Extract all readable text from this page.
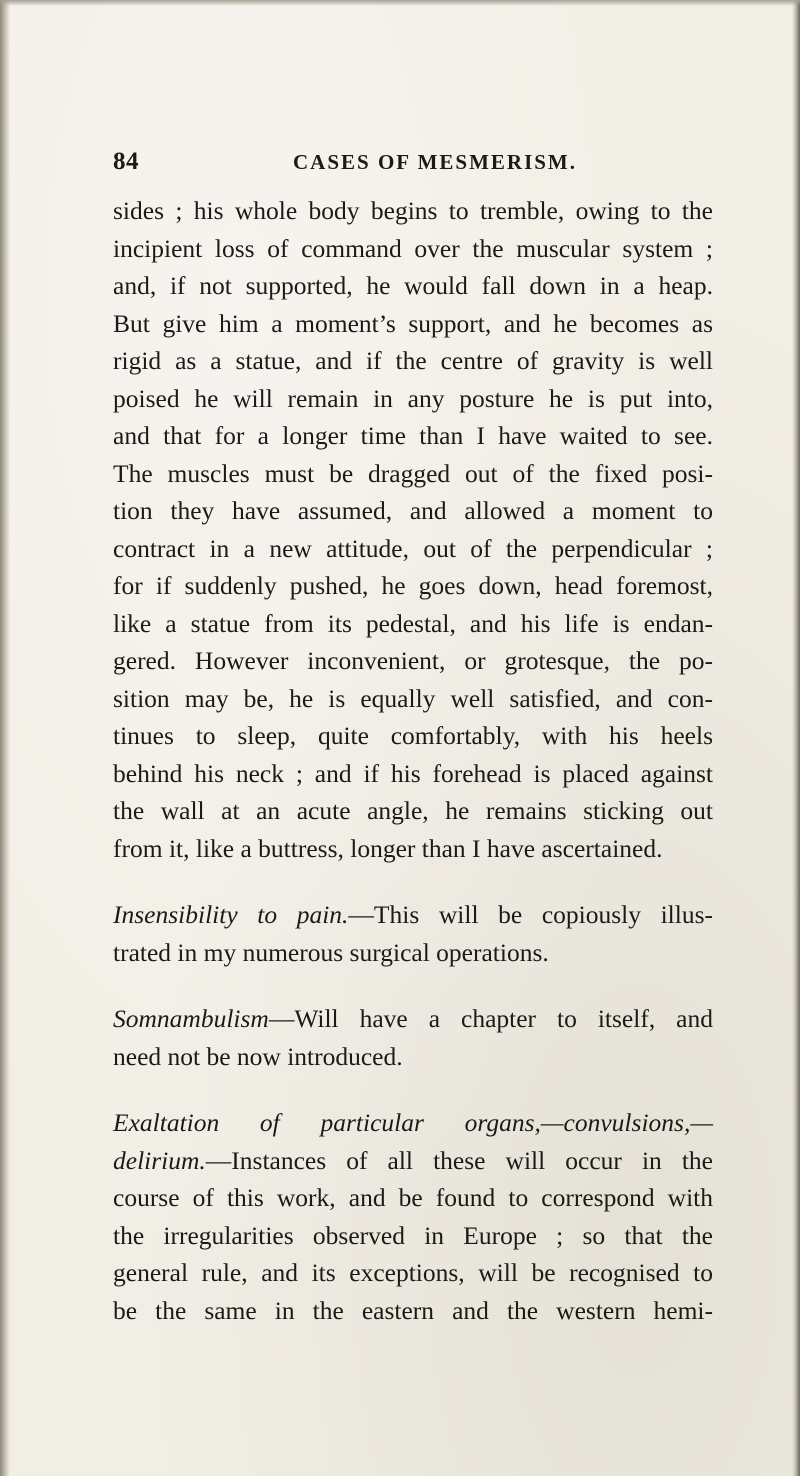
84	CASES OF MESMERISM.
sides ; his whole body begins to tremble, owing to the
incipient loss of command over the muscular system ;
and, if not supported, he would fall down in a heap.
But give him a moment’s support, and he becomes as
rigid as a statue, and if the centre of gravity is well
poised he will remain in any posture he is put into,
and that for a longer time than I have waited to see.
The muscles must be dragged out of the fixed posi-
tion they have assumed, and allowed a moment to
contract in a new attitude, out of the perpendicular ;
for if suddenly pushed, he goes down, head foremost,
like a statue from its pedestal, and his life is endan-
gered. However inconvenient, or grotesque, the po-
sition may be, he is equally well satisfied, and con-
tinues to sleep, quite comfortably, with his heels
behind his neck ; and if his forehead is placed against
the wall at an acute angle, he remains sticking out
from it, like a buttress, longer than I have ascertained.
Insensibility to pain.—This will be copiously illus-
trated in my numerous surgical operations.
Somnambulism—Will have a chapter to itself, and
need not be now introduced.
Exaltation of particular organs,—convulsions,—
delirium.—Instances of all these will occur in the
course of this work, and be found to correspond with
the irregularities observed in Europe ; so that the
general rule, and its exceptions, will be recognised to
be the same in the eastern and the western hemi-
